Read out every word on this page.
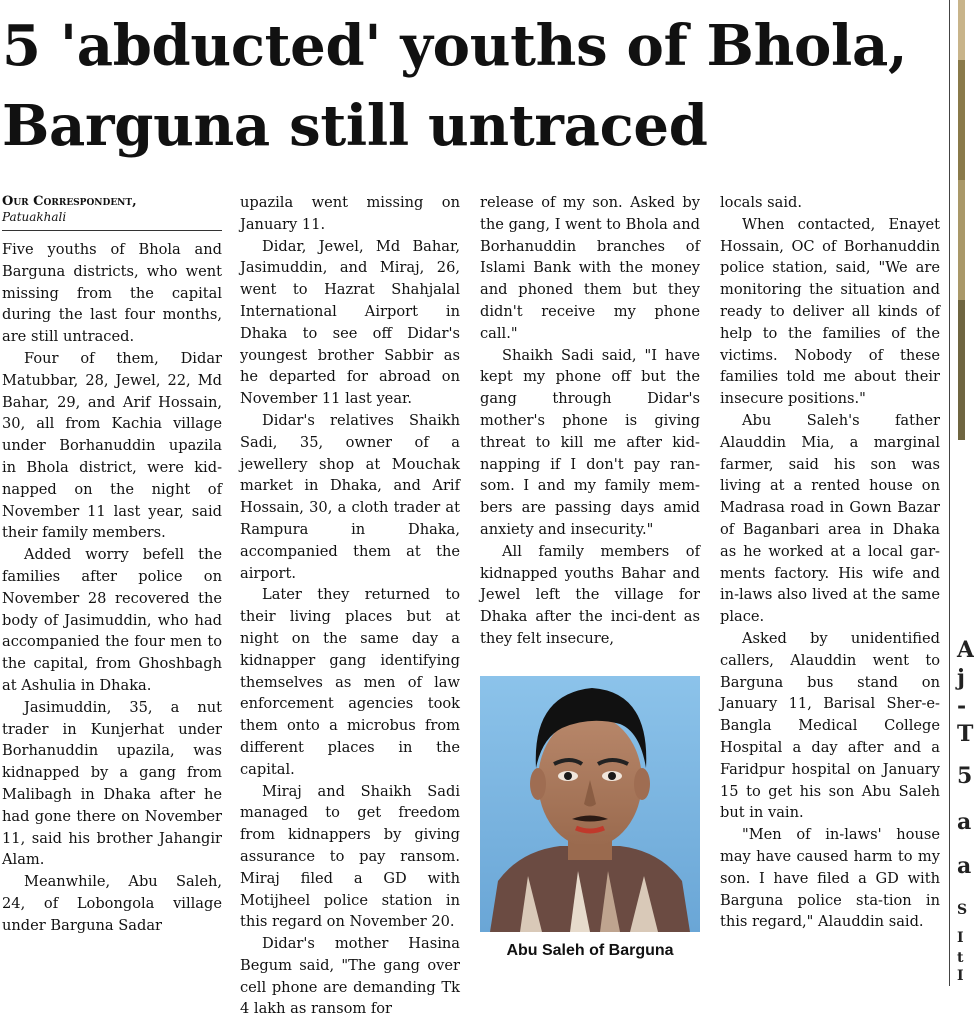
5 'abducted' youths of Bhola,
Barguna still untraced
Our Correspondent,
Patuakhali

Five youths of Bhola and Barguna districts, who went missing from the capital during the last four months, are still untraced.

Four of them, Didar Matubbar, 28, Jewel, 22, Md Bahar, 29, and Arif Hossain, 30, all from Kachia village under Borhanuddin upazila in Bhola district, were kid-napped on the night of November 11 last year, said their family members.

Added worry befell the families after police on November 28 recovered the body of Jasimuddin, who had accompanied the four men to the capital, from Ghoshbagh at Ashulia in Dhaka.

Jasimuddin, 35, a nut trader in Kunjerhat under Borhanuddin upazila, was kidnapped by a gang from Malibagh in Dhaka after he had gone there on November 11, said his brother Jahangir Alam.

Meanwhile, Abu Saleh, 24, of Lobongola village under Barguna Sadar

upazila went missing on January 11.

Didar, Jewel, Md Bahar, Jasimuddin, and Miraj, 26, went to Hazrat Shahjalal International Airport in Dhaka to see off Didar's youngest brother Sabbir as he departed for abroad on November 11 last year.

Didar's relatives Shaikh Sadi, 35, owner of a jewellery shop at Mouchak market in Dhaka, and Arif Hossain, 30, a cloth trader at Rampura in Dhaka, accompanied them at the airport.

Later they returned to their living places but at night on the same day a kidnapper gang identifying themselves as men of law enforcement agencies took them onto a microbus from different places in the capital.

Miraj and Shaikh Sadi managed to get freedom from kidnappers by giving assurance to pay ransom. Miraj filed a GD with Motijheel police station in this regard on November 20.

Didar's mother Hasina Begum said, "The gang over cell phone are demanding Tk 4 lakh as ransom for

release of my son. Asked by the gang, I went to Bhola and Borhanuddin branches of Islami Bank with the money and phoned them but they didn't receive my phone call."

Shaikh Sadi said, "I have kept my phone off but the gang through Didar's mother's phone is giving threat to kill me after kid-napping if I don't pay ran-som. I and my family mem-bers are passing days amid anxiety and insecurity."

All family members of kidnapped youths Bahar and Jewel left the village for Dhaka after the inci-dent as they felt insecure,

Abu Saleh of Barguna

locals said.

When contacted, Enayet Hossain, OC of Borhanuddin police station, said, "We are monitoring the situation and ready to deliver all kinds of help to the families of the victims. Nobody of these families told me about their insecure positions."

Abu Saleh's father Alauddin Mia, a marginal farmer, said his son was living at a rented house on Madrasa road in Gown Bazar of Baganbari area in Dhaka as he worked at a local gar-ments factory. His wife and in-laws also lived at the same place.

Asked by unidentified callers, Alauddin went to Barguna bus stand on January 11, Barisal Sher-e-Bangla Medical College Hospital a day after and a Faridpur hospital on January 15 to get his son Abu Saleh but in vain.

"Men of in-laws' house may have caused harm to my son. I have filed a GD with Barguna police sta-tion in this regard," Alauddin said.

A
j
-
T
5
a
a
S
I
t
I
